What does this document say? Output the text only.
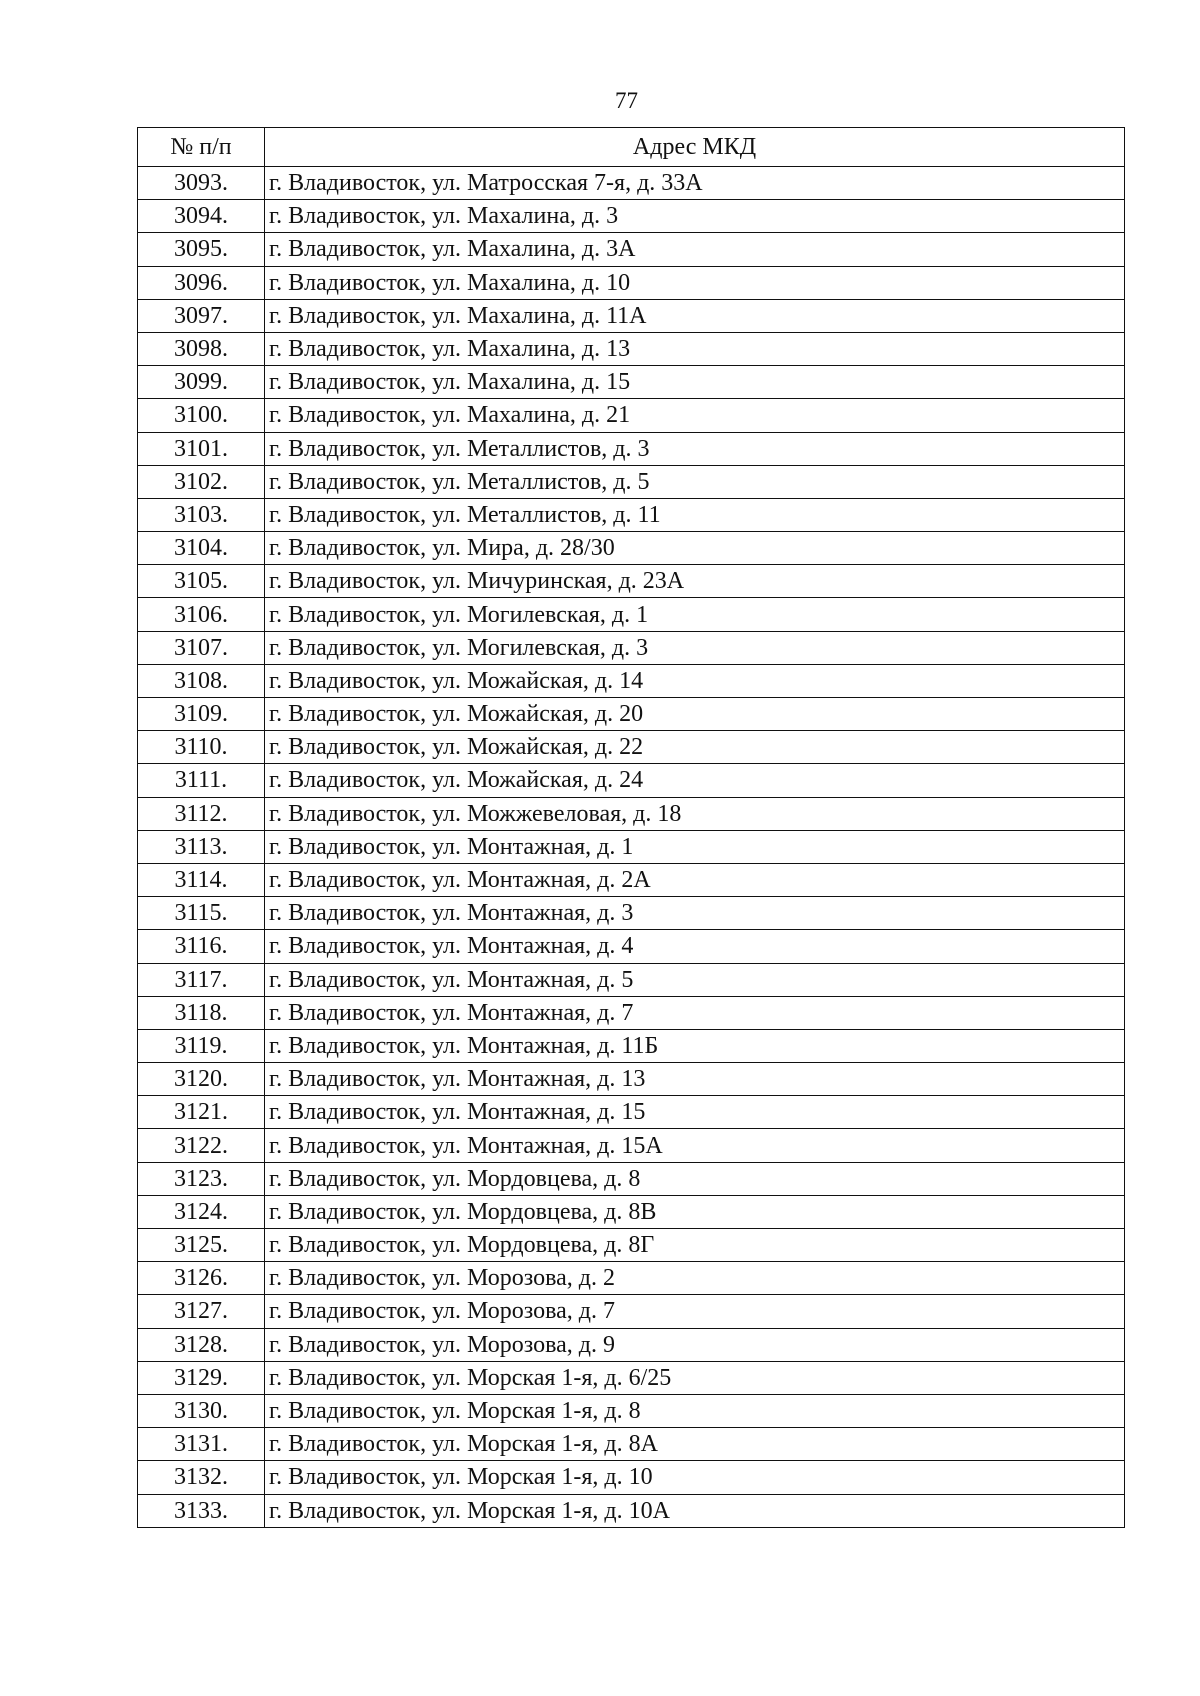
77
№ п/п	Адрес МКД
3093.	г. Владивосток, ул. Матросская 7-я, д. 33А
3094.	г. Владивосток, ул. Махалина, д. 3
3095.	г. Владивосток, ул. Махалина, д. 3А
3096.	г. Владивосток, ул. Махалина, д. 10
3097.	г. Владивосток, ул. Махалина, д. 11А
3098.	г. Владивосток, ул. Махалина, д. 13
3099.	г. Владивосток, ул. Махалина, д. 15
3100.	г. Владивосток, ул. Махалина, д. 21
3101.	г. Владивосток, ул. Металлистов, д. 3
3102.	г. Владивосток, ул. Металлистов, д. 5
3103.	г. Владивосток, ул. Металлистов, д. 11
3104.	г. Владивосток, ул. Мира, д. 28/30
3105.	г. Владивосток, ул. Мичуринская, д. 23А
3106.	г. Владивосток, ул. Могилевская, д. 1
3107.	г. Владивосток, ул. Могилевская, д. 3
3108.	г. Владивосток, ул. Можайская, д. 14
3109.	г. Владивосток, ул. Можайская, д. 20
3110.	г. Владивосток, ул. Можайская, д. 22
3111.	г. Владивосток, ул. Можайская, д. 24
3112.	г. Владивосток, ул. Можжевеловая, д. 18
3113.	г. Владивосток, ул. Монтажная, д. 1
3114.	г. Владивосток, ул. Монтажная, д. 2А
3115.	г. Владивосток, ул. Монтажная, д. 3
3116.	г. Владивосток, ул. Монтажная, д. 4
3117.	г. Владивосток, ул. Монтажная, д. 5
3118.	г. Владивосток, ул. Монтажная, д. 7
3119.	г. Владивосток, ул. Монтажная, д. 11Б
3120.	г. Владивосток, ул. Монтажная, д. 13
3121.	г. Владивосток, ул. Монтажная, д. 15
3122.	г. Владивосток, ул. Монтажная, д. 15А
3123.	г. Владивосток, ул. Мордовцева, д. 8
3124.	г. Владивосток, ул. Мордовцева, д. 8В
3125.	г. Владивосток, ул. Мордовцева, д. 8Г
3126.	г. Владивосток, ул. Морозова, д. 2
3127.	г. Владивосток, ул. Морозова, д. 7
3128.	г. Владивосток, ул. Морозова, д. 9
3129.	г. Владивосток, ул. Морская 1-я, д. 6/25
3130.	г. Владивосток, ул. Морская 1-я, д. 8
3131.	г. Владивосток, ул. Морская 1-я, д. 8А
3132.	г. Владивосток, ул. Морская 1-я, д. 10
3133.	г. Владивосток, ул. Морская 1-я, д. 10А
